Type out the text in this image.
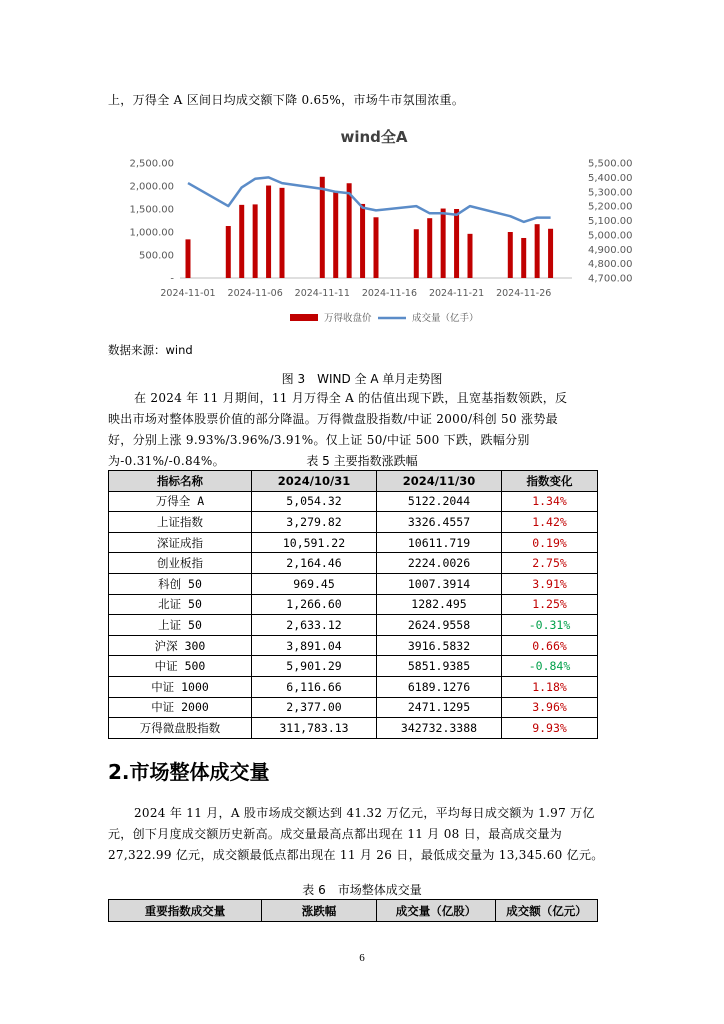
上，万得全 A 区间日均成交额下降 0.65%，市场牛市氛围浓重。
wind全A
-
500.00
1,000.00
1,500.00
2,000.00
2,500.00
4,700.00
4,800.00
4,900.00
5,000.00
5,100.00
5,200.00
5,300.00
5,400.00
5,500.00
2024-11-01 2024-11-06 2024-11-11 2024-11-16 2024-11-21 2024-11-26
万得收盘价	成交量（亿手）
数据来源：wind
图 3　WIND 全 A 单月走势图
在 2024 年 11 月期间，11 月万得全 A 的估值出现下跌，且宽基指数领跌，反映出市场对整体股票价值的部分降温。万得微盘股指数/中证 2000/科创 50 涨势最好，分别上涨 9.93%/3.96%/3.91%。仅上证 50/中证 500 下跌，跌幅分别为-0.31%/-0.84%。	表 5 主要指数涨跌幅
指标名称	2024/10/31	2024/11/30	指数变化
万得全 A	5,054.32	5122.2044	1.34%
上证指数	3,279.82	3326.4557	1.42%
深证成指	10,591.22	10611.719	0.19%
创业板指	2,164.46	2224.0026	2.75%
科创 50	969.45	1007.3914	3.91%
北证 50	1,266.60	1282.495	1.25%
上证 50	2,633.12	2624.9558	-0.31%
沪深 300	3,891.04	3916.5832	0.66%
中证 500	5,901.29	5851.9385	-0.84%
中证 1000	6,116.66	6189.1276	1.18%
中证 2000	2,377.00	2471.1295	3.96%
万得微盘股指数	311,783.13	342732.3388	9.93%
2.市场整体成交量
2024 年 11 月，A 股市场成交额达到 41.32 万亿元，平均每日成交额为 1.97 万亿元，创下月度成交额历史新高。成交量最高点都出现在 11 月 08 日，最高成交量为 27,322.99 亿元，成交额最低点都出现在 11 月 26 日，最低成交量为 13,345.60 亿元。
表 6　市场整体成交量
重要指数成交量	涨跌幅	成交量（亿股）	成交额（亿元）
6
